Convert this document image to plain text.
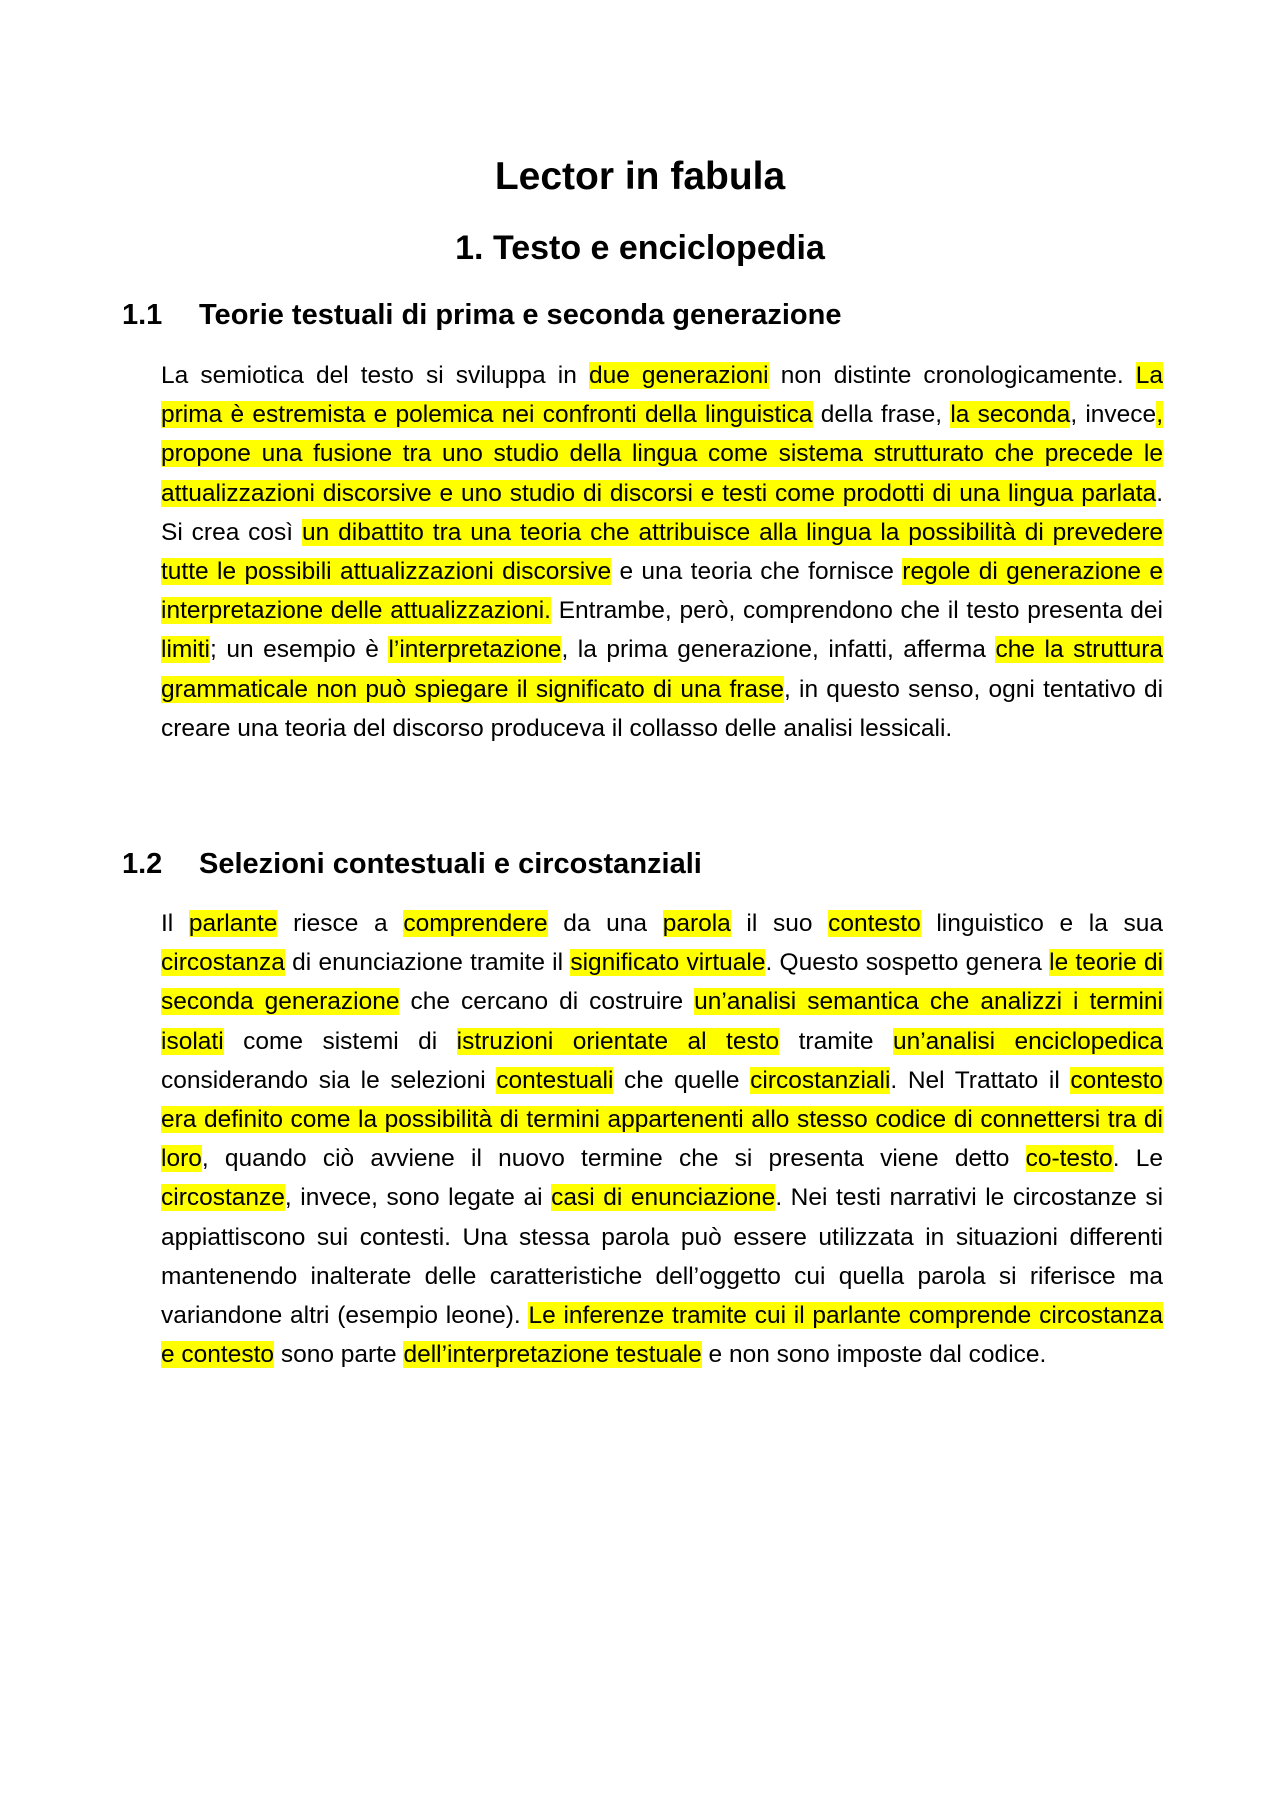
Lector in fabula
1. Testo e enciclopedia
1.1 Teorie testuali di prima e seconda generazione

La semiotica del testo si sviluppa in due generazioni non distinte cronologicamente. La prima è estremista e polemica nei confronti della linguistica della frase, la seconda, invece, propone una fusione tra uno studio della lingua come sistema strutturato che precede le attualizzazioni discorsive e uno studio di discorsi e testi come prodotti di una lingua parlata. Si crea così un dibattito tra una teoria che attribuisce alla lingua la possibilità di prevedere tutte le possibili attualizzazioni discorsive e una teoria che fornisce regole di generazione e interpretazione delle attualizzazioni. Entrambe, però, comprendono che il testo presenta dei limiti; un esempio è l’interpretazione, la prima generazione, infatti, afferma che la struttura grammaticale non può spiegare il significato di una frase, in questo senso, ogni tentativo di creare una teoria del discorso produceva il collasso delle analisi lessicali.

1.2 Selezioni contestuali e circostanziali

Il parlante riesce a comprendere da una parola il suo contesto linguistico e la sua circostanza di enunciazione tramite il significato virtuale. Questo sospetto genera le teorie di seconda generazione che cercano di costruire un’analisi semantica che analizzi i termini isolati come sistemi di istruzioni orientate al testo tramite un’analisi enciclopedica considerando sia le selezioni contestuali che quelle circostanziali. Nel Trattato il contesto era definito come la possibilità di termini appartenenti allo stesso codice di connettersi tra di loro, quando ciò avviene il nuovo termine che si presenta viene detto co-testo. Le circostanze, invece, sono legate ai casi di enunciazione. Nei testi narrativi le circostanze si appiattiscono sui contesti. Una stessa parola può essere utilizzata in situazioni differenti mantenendo inalterate delle caratteristiche dell’oggetto cui quella parola si riferisce ma variandone altri (esempio leone). Le inferenze tramite cui il parlante comprende circostanza e contesto sono parte dell’interpretazione testuale e non sono imposte dal codice.
